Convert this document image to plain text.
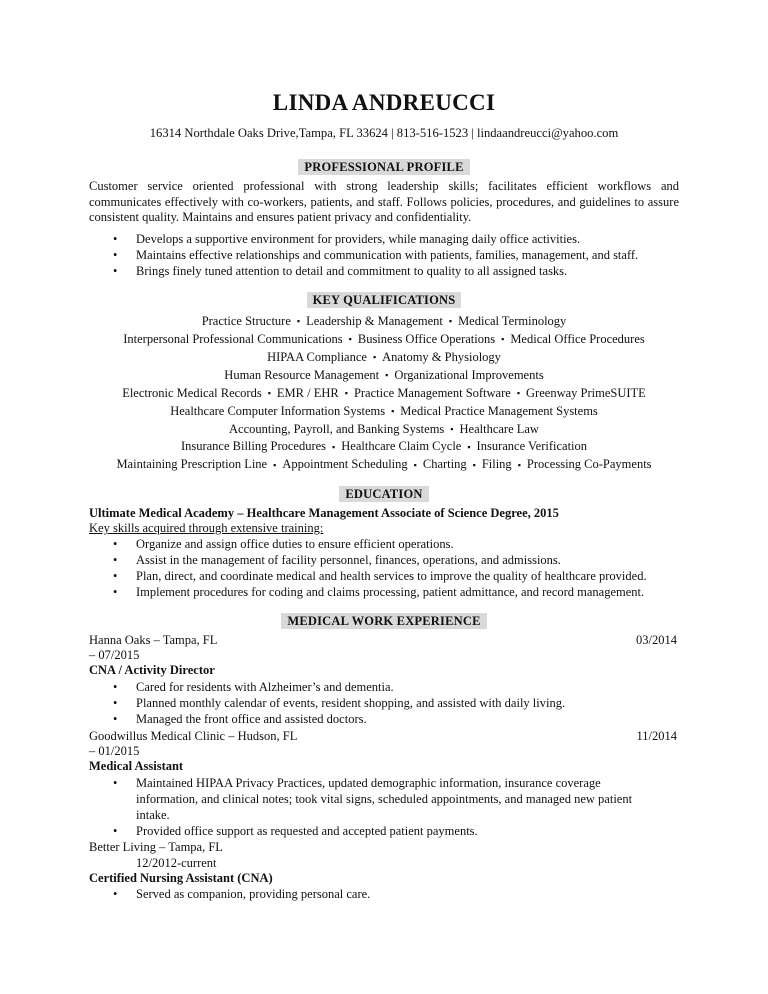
LINDA ANDREUCCI
16314 Northdale Oaks Drive,Tampa, FL 33624 | 813-516-1523 | lindaandreucci@yahoo.com
PROFESSIONAL PROFILE

Customer service oriented professional with strong leadership skills; facilitates efficient workflows and communicates effectively with co-workers, patients, and staff. Follows policies, procedures, and guidelines to assure consistent quality. Maintains and ensures patient privacy and confidentiality.

• Develops a supportive environment for providers, while managing daily office activities.
• Maintains effective relationships and communication with patients, families, management, and staff.
• Brings finely tuned attention to detail and commitment to quality to all assigned tasks.
KEY QUALIFICATIONS
Practice Structure ▪ Leadership & Management ▪ Medical Terminology
Interpersonal Professional Communications ▪ Business Office Operations ▪ Medical Office Procedures
HIPAA Compliance ▪ Anatomy & Physiology
Human Resource Management ▪ Organizational Improvements
Electronic Medical Records ▪ EMR / EHR ▪ Practice Management Software ▪ Greenway PrimeSUITE
Healthcare Computer Information Systems ▪ Medical Practice Management Systems
Accounting, Payroll, and Banking Systems ▪ Healthcare Law
Insurance Billing Procedures ▪ Healthcare Claim Cycle ▪ Insurance Verification
Maintaining Prescription Line ▪ Appointment Scheduling ▪ Charting ▪ Filing ▪ Processing Co-Payments
EDUCATION
Ultimate Medical Academy – Healthcare Management Associate of Science Degree, 2015
Key skills acquired through extensive training:
• Organize and assign office duties to ensure efficient operations.
• Assist in the management of facility personnel, finances, operations, and admissions.
• Plan, direct, and coordinate medical and health services to improve the quality of healthcare provided.
• Implement procedures for coding and claims processing, patient admittance, and record management.
MEDICAL WORK EXPERIENCE
Hanna Oaks – Tampa, FL	03/2014
– 07/2015
CNA / Activity Director
• Cared for residents with Alzheimer’s and dementia.
• Planned monthly calendar of events, resident shopping, and assisted with daily living.
• Managed the front office and assisted doctors.
Goodwillus Medical Clinic – Hudson, FL	11/2014
– 01/2015
Medical Assistant
• Maintained HIPAA Privacy Practices, updated demographic information, insurance coverage information, and clinical notes; took vital signs, scheduled appointments, and managed new patient intake.
• Provided office support as requested and accepted patient payments.
Better Living – Tampa, FL
12/2012-current
Certified Nursing Assistant (CNA)
• Served as companion, providing personal care.
